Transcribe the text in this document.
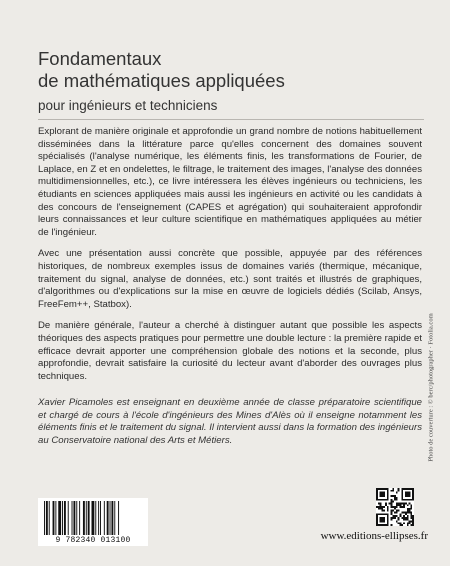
Fondamentaux
de mathématiques appliquées
pour ingénieurs et techniciens

Explorant de manière originale et approfondie un grand nombre de notions habituellement disséminées dans la littérature parce qu'elles concernent des domaines souvent spécialisés (l'analyse numérique, les éléments finis, les transformations de Fourier, de Laplace, en Z et en ondelettes, le filtrage, le traitement des images, l'analyse des données multidimensionnelles, etc.), ce livre intéressera les élèves ingénieurs ou techniciens, les étudiants en sciences appliquées mais aussi les ingénieurs en activité ou les candidats à des concours de l'enseignement (CAPES et agrégation) qui souhaiteraient approfondir leurs connaissances et leur culture scientifique en mathématiques appliquées au métier de l'ingénieur.

Avec une présentation aussi concrète que possible, appuyée par des références historiques, de nombreux exemples issus de domaines variés (thermique, mécanique, traitement du signal, analyse de données, etc.) sont traités et illustrés de graphiques, d'algorithmes ou d'explications sur la mise en œuvre de logiciels dédiés (Scilab, Ansys, FreeFem++, Statbox).

De manière générale, l'auteur a cherché à distinguer autant que possible les aspects théoriques des aspects pratiques pour permettre une double lecture : la première rapide et efficace devrait apporter une compréhension globale des notions et la seconde, plus approfondie, devrait satisfaire la curiosité du lecteur avant d'aborder des ouvrages plus techniques.

Xavier Picamoles est enseignant en deuxième année de classe préparatoire scientifique et chargé de cours à l'école d'ingénieurs des Mines d'Alès où il enseigne notamment les éléments finis et le traitement du signal. Il intervient aussi dans la formation des ingénieurs au Conservatoire national des Arts et Métiers.	Photo de couverture : © berc/photographer · Fotolia.com
9 782340 013100	www.editions-ellipses.fr
